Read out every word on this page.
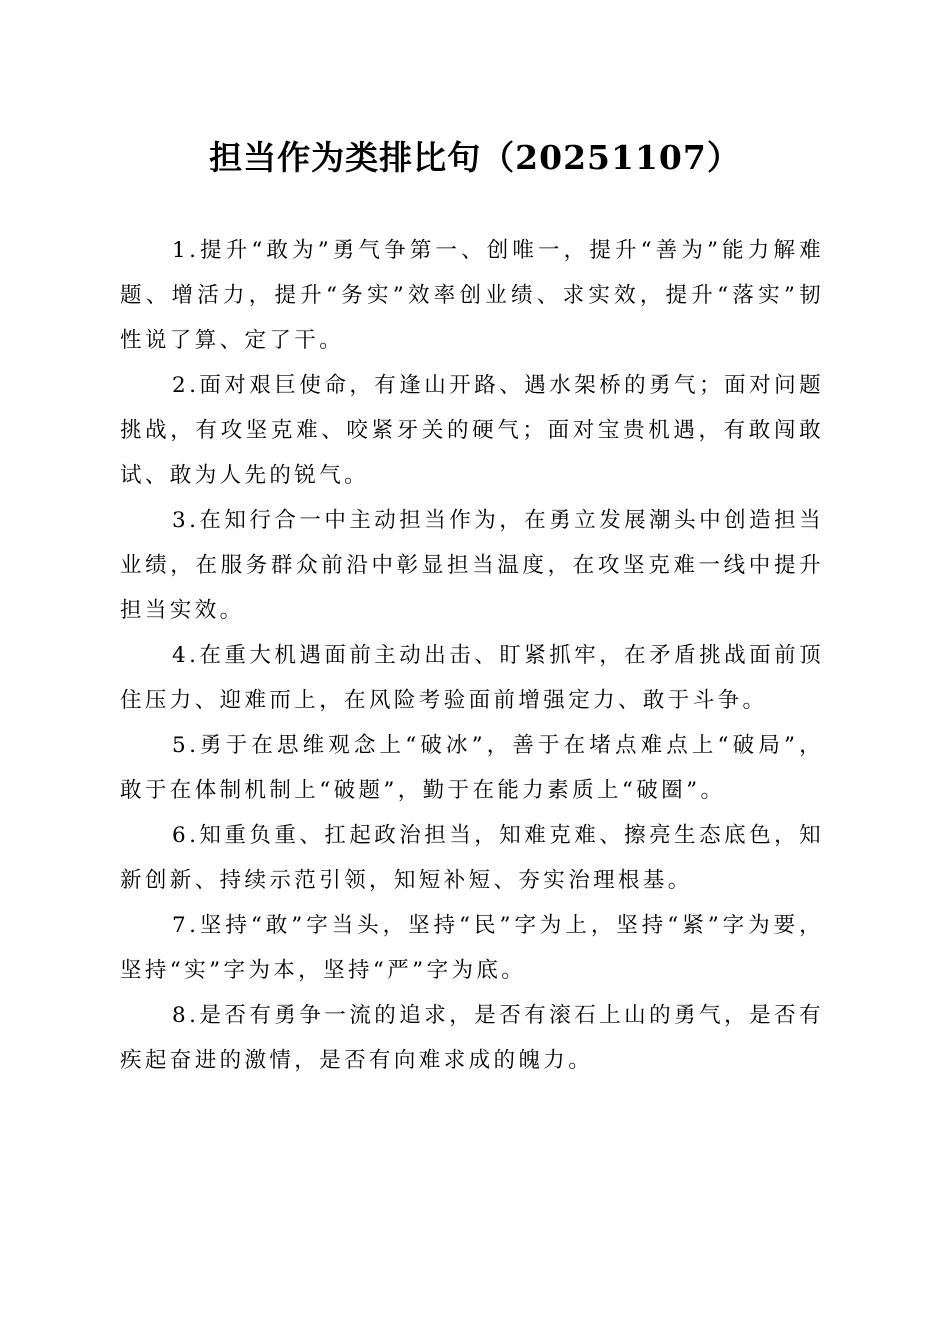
担当作为类排比句（20251107）

1.提升“敢为”勇气争第一、创唯一，提升“善为”能力解难题、增活力，提升“务实”效率创业绩、求实效，提升“落实”韧性说了算、定了干。

2.面对艰巨使命，有逢山开路、遇水架桥的勇气；面对问题挑战，有攻坚克难、咬紧牙关的硬气；面对宝贵机遇，有敢闯敢试、敢为人先的锐气。

3.在知行合一中主动担当作为，在勇立发展潮头中创造担当业绩，在服务群众前沿中彰显担当温度，在攻坚克难一线中提升担当实效。

4.在重大机遇面前主动出击、盯紧抓牢，在矛盾挑战面前顶住压力、迎难而上，在风险考验面前增强定力、敢于斗争。

5.勇于在思维观念上“破冰”，善于在堵点难点上“破局”，敢于在体制机制上“破题”，勤于在能力素质上“破圈”。

6.知重负重、扛起政治担当，知难克难、擦亮生态底色，知新创新、持续示范引领，知短补短、夯实治理根基。

7.坚持“敢”字当头，坚持“民”字为上，坚持“紧”字为要，坚持“实”字为本，坚持“严”字为底。

8.是否有勇争一流的追求，是否有滚石上山的勇气，是否有疾起奋进的激情，是否有向难求成的魄力。
